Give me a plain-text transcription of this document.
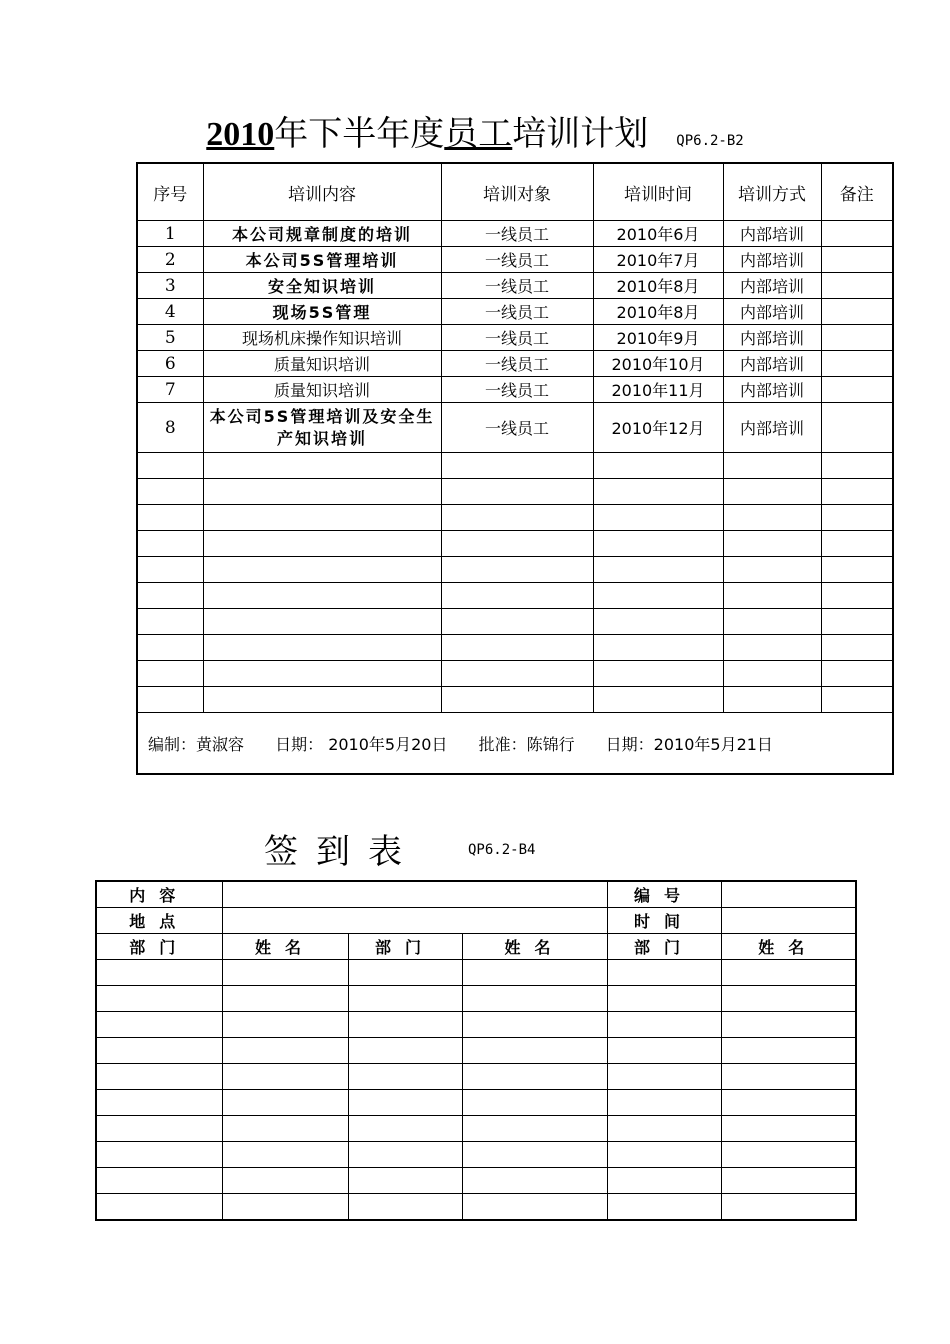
2010年下半年度员工培训计划 QP6.2-B2
序号	培训内容	培训对象	培训时间	培训方式	备注
1	本公司规章制度的培训	一线员工	2010年6月	内部培训	
2	本公司5S管理培训	一线员工	2010年7月	内部培训	
3	安全知识培训	一线员工	2010年8月	内部培训	
4	现场5S管理	一线员工	2010年8月	内部培训	
5	现场机床操作知识培训	一线员工	2010年9月	内部培训	
6	质量知识培训	一线员工	2010年10月	内部培训	
7	质量知识培训	一线员工	2010年11月	内部培训	
8	本公司5S管理培训及安全生产知识培训	一线员工	2010年12月	内部培训	

编制：黄淑容 日期： 2010年5月20日 批准：陈锦行 日期：2010年5月21日					
签到表	QP6.2-B4
内容				编号	
地点				时间	
部门	姓名	部门	姓名	部门	姓名
